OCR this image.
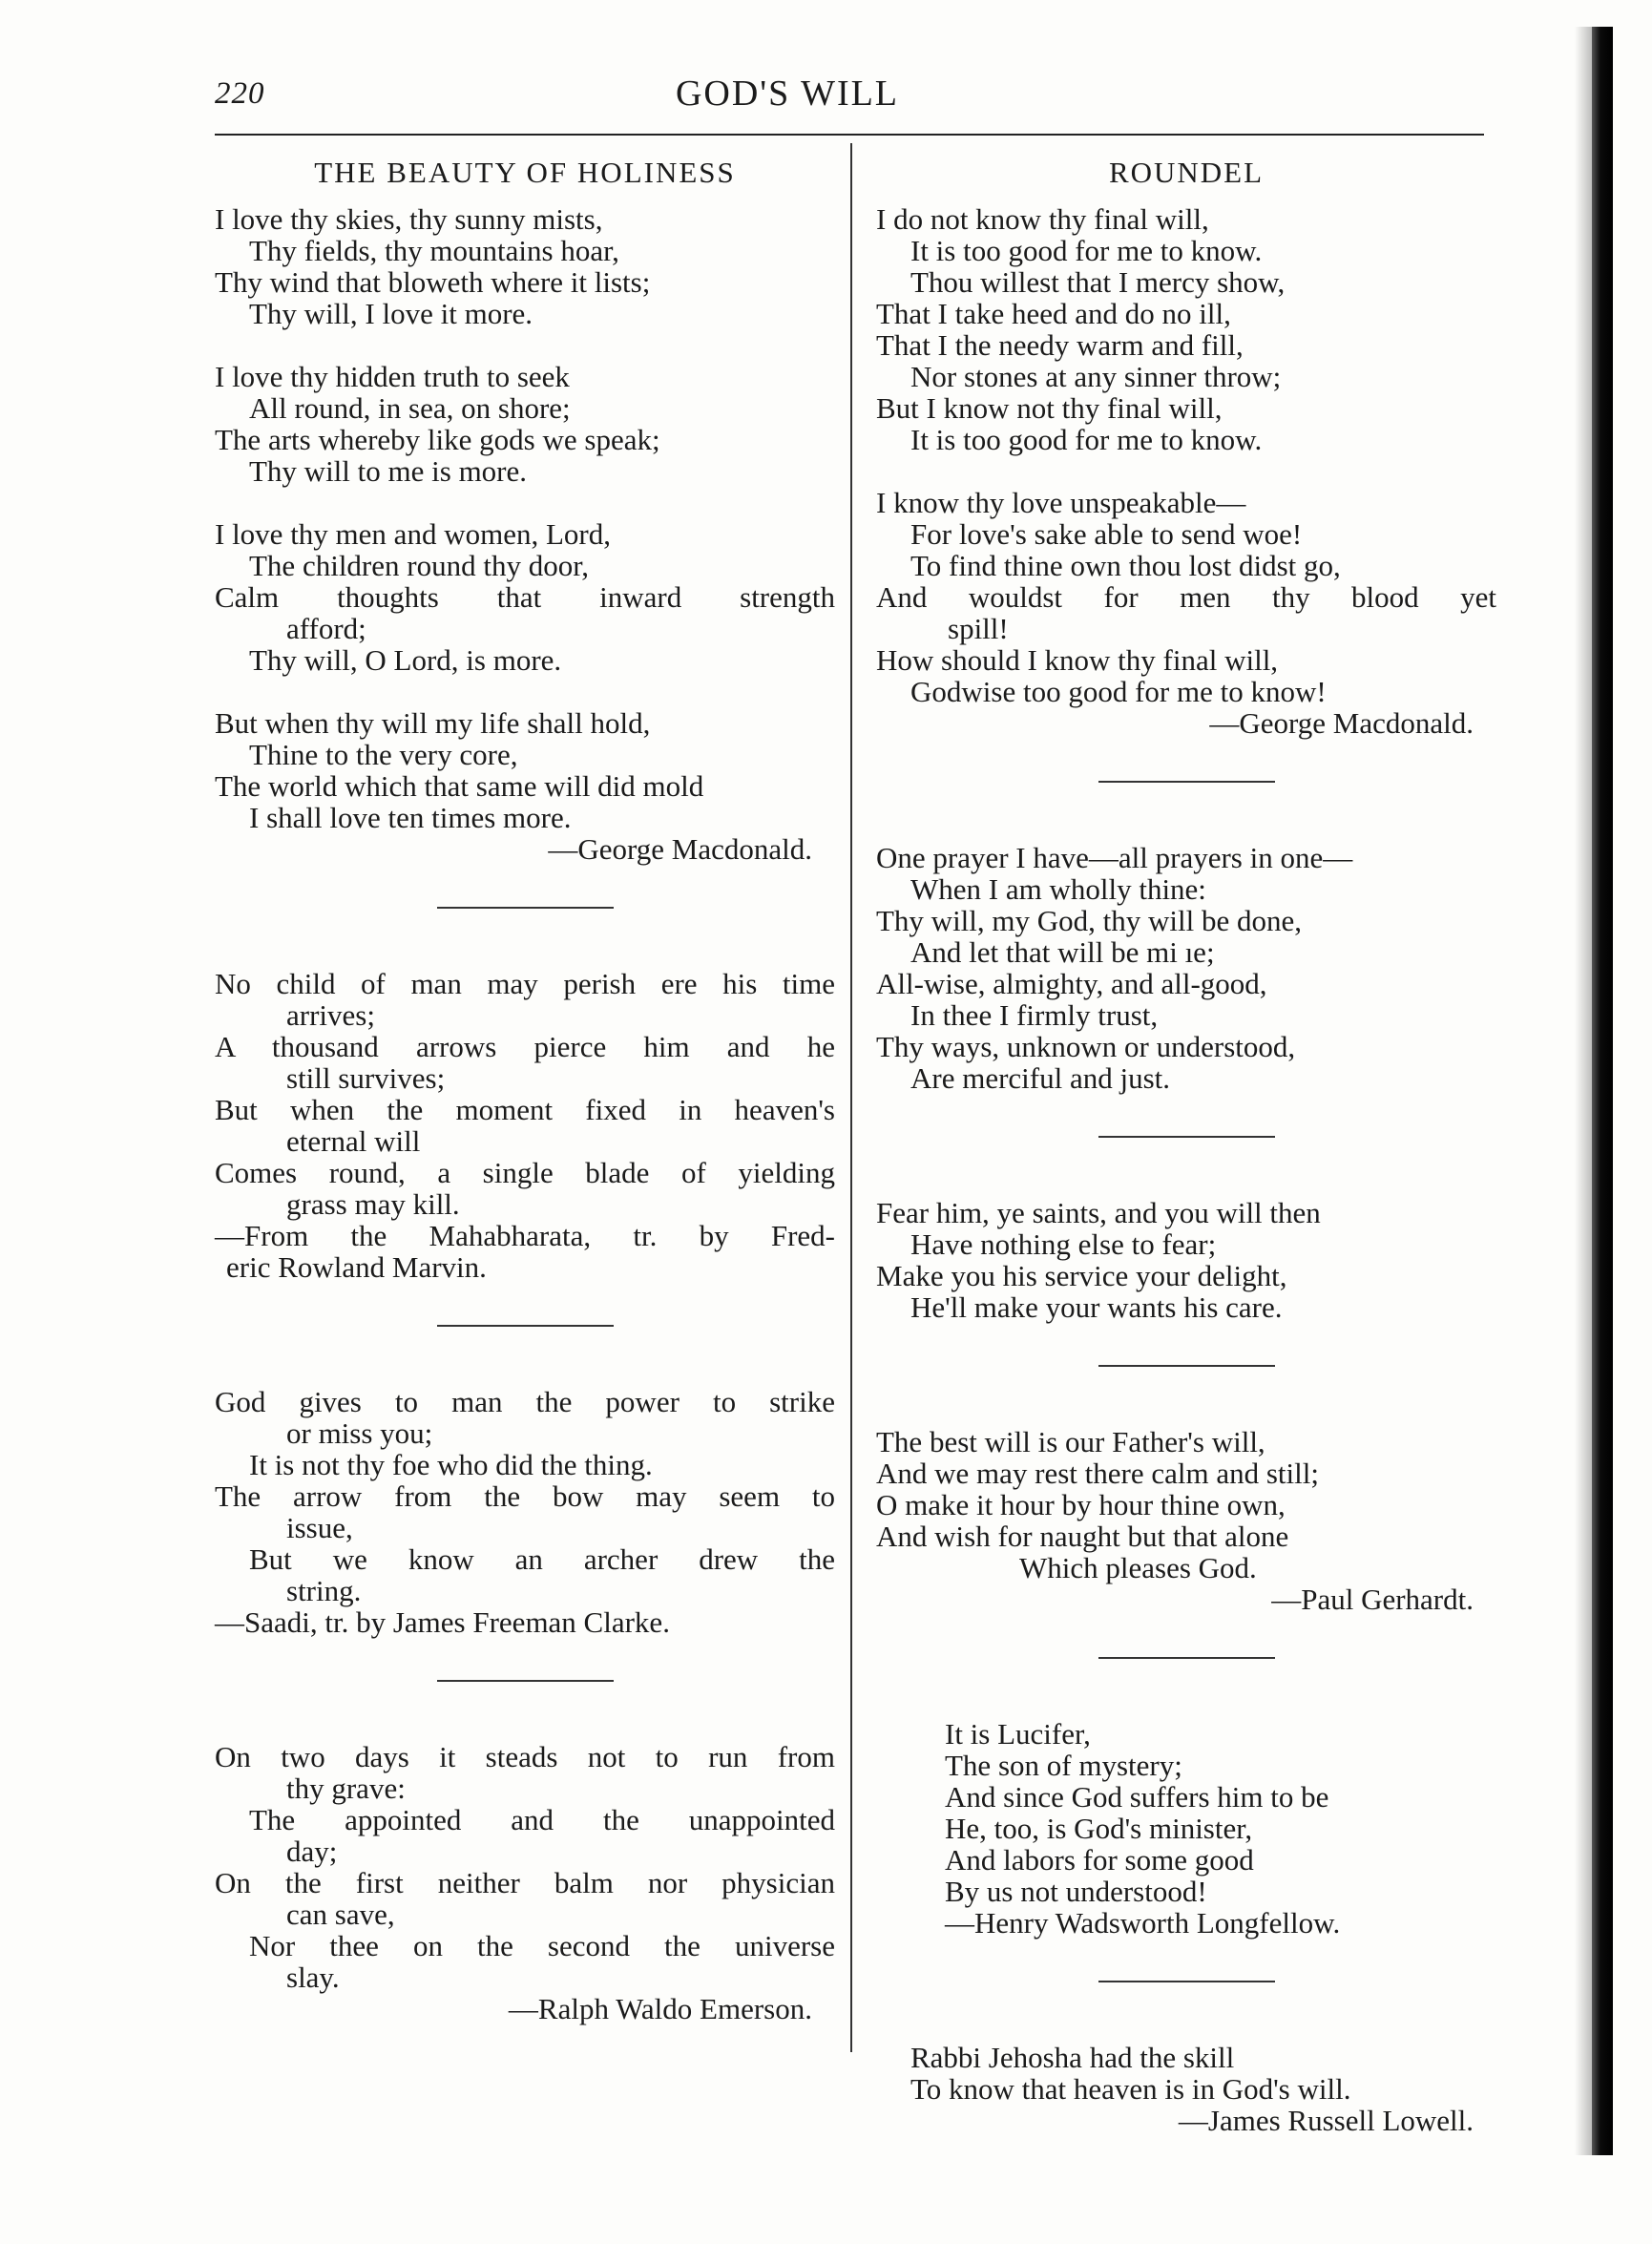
220	GOD'S WILL
THE BEAUTY OF HOLINESS
I love thy skies, thy sunny mists,
Thy fields, thy mountains hoar,
Thy wind that bloweth where it lists;
Thy will, I love it more.
I love thy hidden truth to seek
All round, in sea, on shore;
The arts whereby like gods we speak;
Thy will to me is more.
I love thy men and women, Lord,
The children round thy door,
Calm thoughts that inward strength
afford;
Thy will, O Lord, is more.
But when thy will my life shall hold,
Thine to the very core,
The world which that same will did mold
I shall love ten times more.
—George Macdonald.
No child of man may perish ere his time
arrives;
A thousand arrows pierce him and he
still survives;
But when the moment fixed in heaven's
eternal will
Comes round, a single blade of yielding
grass may kill.
—From the Mahabharata, tr. by Fred-
eric Rowland Marvin.
God gives to man the power to strike
or miss you;
It is not thy foe who did the thing.
The arrow from the bow may seem to
issue,
But we know an archer drew the
string.
—Saadi, tr. by James Freeman Clarke.
On two days it steads not to run from
thy grave:
The appointed and the unappointed
day;
On the first neither balm nor physician
can save,
Nor thee on the second the universe
slay.
—Ralph Waldo Emerson.
ROUNDEL
I do not know thy final will,
It is too good for me to know.
Thou willest that I mercy show,
That I take heed and do no ill,
That I the needy warm and fill,
Nor stones at any sinner throw;
But I know not thy final will,
It is too good for me to know.
I know thy love unspeakable—
For love's sake able to send woe!
To find thine own thou lost didst go,
And wouldst for men thy blood yet
spill!
How should I know thy final will,
Godwise too good for me to know!
—George Macdonald.
One prayer I have—all prayers in one—
When I am wholly thine:
Thy will, my God, thy will be done,
And let that will be mi ıe;
All-wise, almighty, and all-good,
In thee I firmly trust,
Thy ways, unknown or understood,
Are merciful and just.
Fear him, ye saints, and you will then
Have nothing else to fear;
Make you his service your delight,
He'll make your wants his care.
The best will is our Father's will,
And we may rest there calm and still;
O make it hour by hour thine own,
And wish for naught but that alone
Which pleases God.
—Paul Gerhardt.
It is Lucifer,
The son of mystery;
And since God suffers him to be
He, too, is God's minister,
And labors for some good
By us not understood!
—Henry Wadsworth Longfellow.
Rabbi Jehosha had the skill
To know that heaven is in God's will.
—James Russell Lowell.
